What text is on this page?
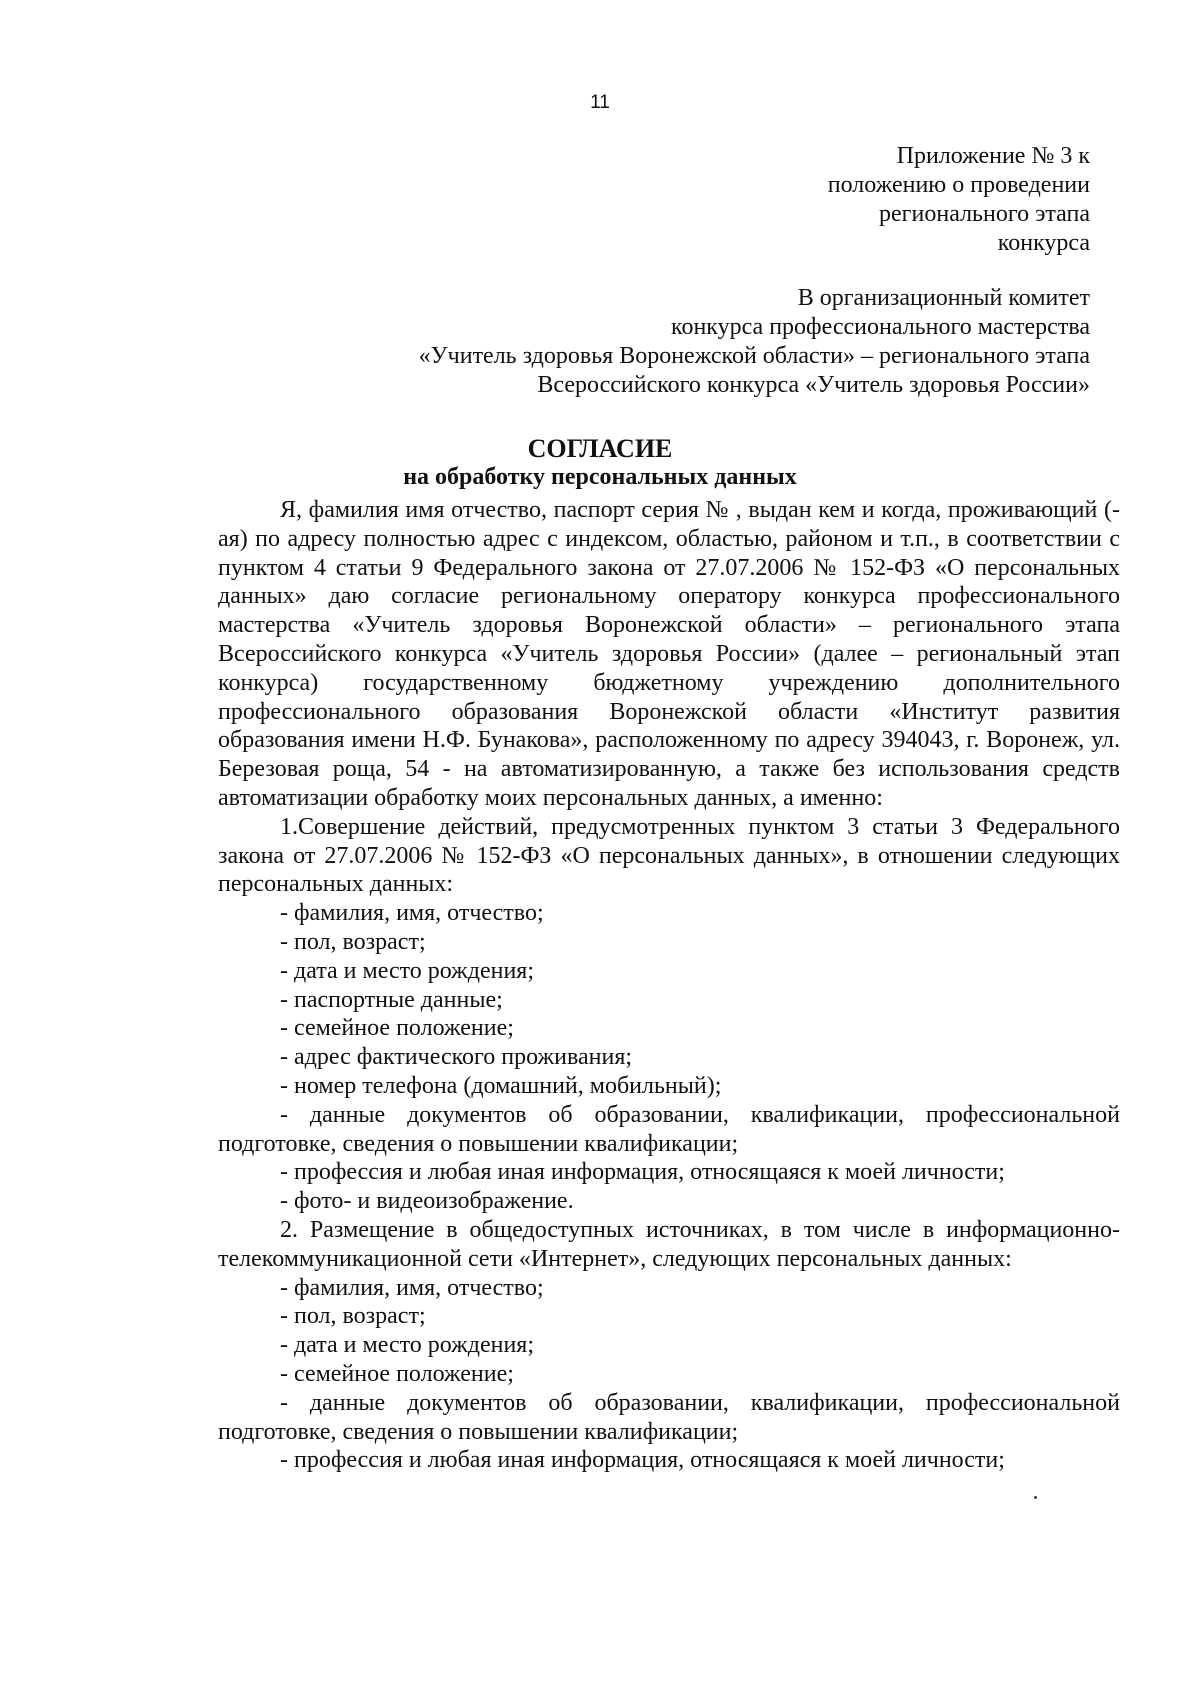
11
Приложение № 3 к
положению о проведении
регионального этапа
конкурса
В организационный комитет
конкурса профессионального мастерства
«Учитель здоровья Воронежской области» – регионального этапа
Всероссийского конкурса «Учитель здоровья России»
СОГЛАСИЕ
на обработку персональных данных

Я, фамилия имя отчество, паспорт серия № , выдан кем и когда, проживающий (-ая) по адресу полностью адрес с индексом, областью, районом и т.п., в соответствии с пунктом 4 статьи 9 Федерального закона от 27.07.2006 № 152-ФЗ «О персональных данных» даю согласие региональному оператору конкурса профессионального мастерства «Учитель здоровья Воронежской области» – регионального этапа Всероссийского конкурса «Учитель здоровья России» (далее – региональный этап конкурса) государственному бюджетному учреждению дополнительного профессионального образования Воронежской области «Институт развития образования имени Н.Ф. Бунакова», расположенному по адресу 394043, г. Воронеж, ул. Березовая роща, 54 - на автоматизированную, а также без использования средств автоматизации обработку моих персональных данных, а именно:

1.Совершение действий, предусмотренных пунктом 3 статьи 3 Федерального закона от 27.07.2006 № 152-ФЗ «О персональных данных», в отношении следующих персональных данных:

- фамилия, имя, отчество;

- пол, возраст;

- дата и место рождения;

- паспортные данные;

- семейное положение;

- адрес фактического проживания;

- номер телефона (домашний, мобильный);

- данные документов об образовании, квалификации, профессиональной подготовке, сведения о повышении квалификации;

- профессия и любая иная информация, относящаяся к моей личности;

- фото- и видеоизображение.

2. Размещение в общедоступных источниках, в том числе в информационно-телекоммуникационной сети «Интернет», следующих персональных данных:

- фамилия, имя, отчество;

- пол, возраст;

- дата и место рождения;

- семейное положение;

- данные документов об образовании, квалификации, профессиональной подготовке, сведения о повышении квалификации;

- профессия и любая иная информация, относящаяся к моей личности;
